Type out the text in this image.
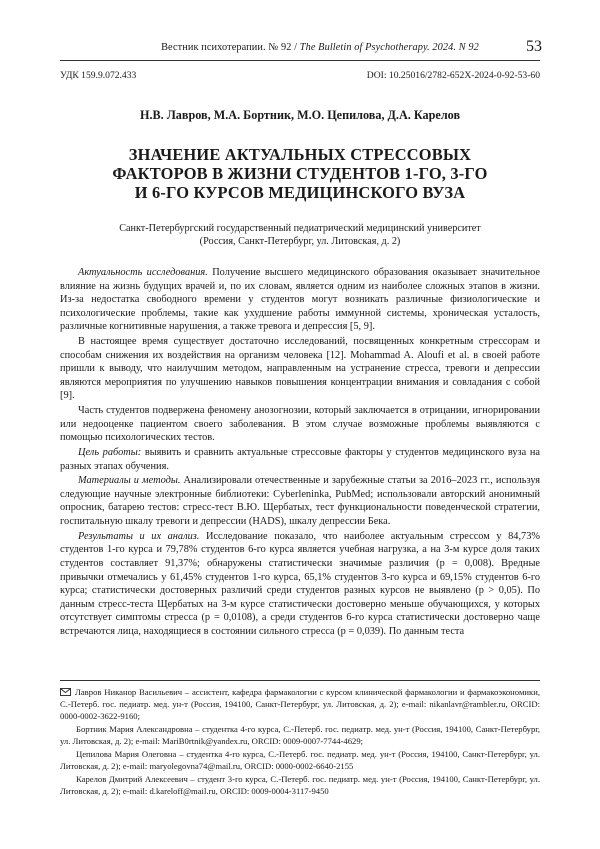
Вестник психотерапии. № 92 / The Bulletin of Psychotherapy. 2024. N 92	53
УДК 159.9.072.433	DOI: 10.25016/2782-652X-2024-0-92-53-60
Н.В. Лавров, М.А. Бортник, М.О. Цепилова, Д.А. Карелов
ЗНАЧЕНИЕ АКТУАЛЬНЫХ СТРЕССОВЫХ
ФАКТОРОВ В ЖИЗНИ СТУДЕНТОВ 1-ГО, 3-ГО
И 6-ГО КУРСОВ МЕДИЦИНСКОГО ВУЗА
Санкт-Петербургский государственный педиатрический медицинский университет
(Россия, Санкт-Петербург, ул. Литовская, д. 2)

Актуальность исследования. Получение высшего медицинского образования оказывает значительное влияние на жизнь будущих врачей и, по их словам, является одним из наиболее сложных этапов в жизни. Из-за недостатка свободного времени у студентов могут возникать различные физиологические и психологические проблемы, такие как ухудшение работы иммунной системы, хроническая усталость, различные когнитивные нарушения, а также тревога и депрессия [5, 9].

В настоящее время существует достаточно исследований, посвященных конкретным стрессорам и способам снижения их воздействия на организм человека [12]. Mohammad A. Aloufi et al. в своей работе пришли к выводу, что наилучшим методом, направленным на устранение стресса, тревоги и депрессии являются мероприятия по улучшению навыков повышения концентрации внимания и совладания с собой [9].

Часть студентов подвержена феномену анозогнозии, который заключается в отрицании, игнорировании или недооценке пациентом своего заболевания. В этом случае возможные проблемы выявляются с помощью психологических тестов.

Цель работы: выявить и сравнить актуальные стрессовые факторы у студентов медицинского вуза на разных этапах обучения.

Материалы и методы. Анализировали отечественные и зарубежные статьи за 2016–2023 гг., используя следующие научные электронные библиотеки: Cyberleninka, PubMed; использовали авторский анонимный опросник, батарею тестов: стресс-тест В.Ю. Щербатых, тест функциональности поведенческой стратегии, госпитальную шкалу тревоги и депрессии (HADS), шкалу депрессии Бека.

Результаты и их анализ. Исследование показало, что наиболее актуальным стрессом у 84,73% студентов 1-го курса и 79,78% студентов 6-го курса является учебная нагрузка, а на 3-м курсе доля таких студентов составляет 91,37%; обнаружены статистически значимые различия (p = 0,008). Вредные привычки отмечались у 61,45% студентов 1-го курса, 65,1% студентов 3-го курса и 69,15% студентов 6-го курса; статистически достоверных различий среди студентов разных курсов не выявлено (p > 0,05). По данным стресс-теста Щербатых на 3-м курсе статистически достоверно меньше обучающихся, у которых отсутствует симптомы стресса (p = 0,0108), а среди студентов 6-го курса статистически достоверно чаще встречаются лица, находящиеся в состоянии сильного стресса (p = 0,039). По данным теста

Лавров Никанор Васильевич – ассистент, кафедра фармакологии с курсом клинической фармакологии и фармакоэкономики, С.-Петерб. гос. педиатр. мед. ун-т (Россия, 194100, Санкт-Петербург, ул. Литовская, д. 2); e-mail: nikanlavr@rambler.ru, ORCID: 0000-0002-3622-9160;

Бортник Мария Александровна – студентка 4-го курса, С.-Петерб. гос. педиатр. мед. ун-т (Россия, 194100, Санкт-Петербург, ул. Литовская, д. 2); e-mail: MariB0rtnik@yandex.ru, ORCID: 0009-0007-7744-4629;

Цепилова Мария Олеговна – студентка 4-го курса, С.-Петерб. гос. педиатр. мед. ун-т (Россия, 194100, Санкт-Петербург, ул. Литовская, д. 2); e-mail: maryolegovna74@mail.ru, ORCID: 0000-0002-6640-2155

Карелов Дмитрий Алексеевич – студент 3-го курса, С.-Петерб. гос. педиатр. мед. ун-т (Россия, 194100, Санкт-Петербург, ул. Литовская, д. 2); e-mail: d.kareloff@mail.ru, ORCID: 0009-0004-3117-9450
